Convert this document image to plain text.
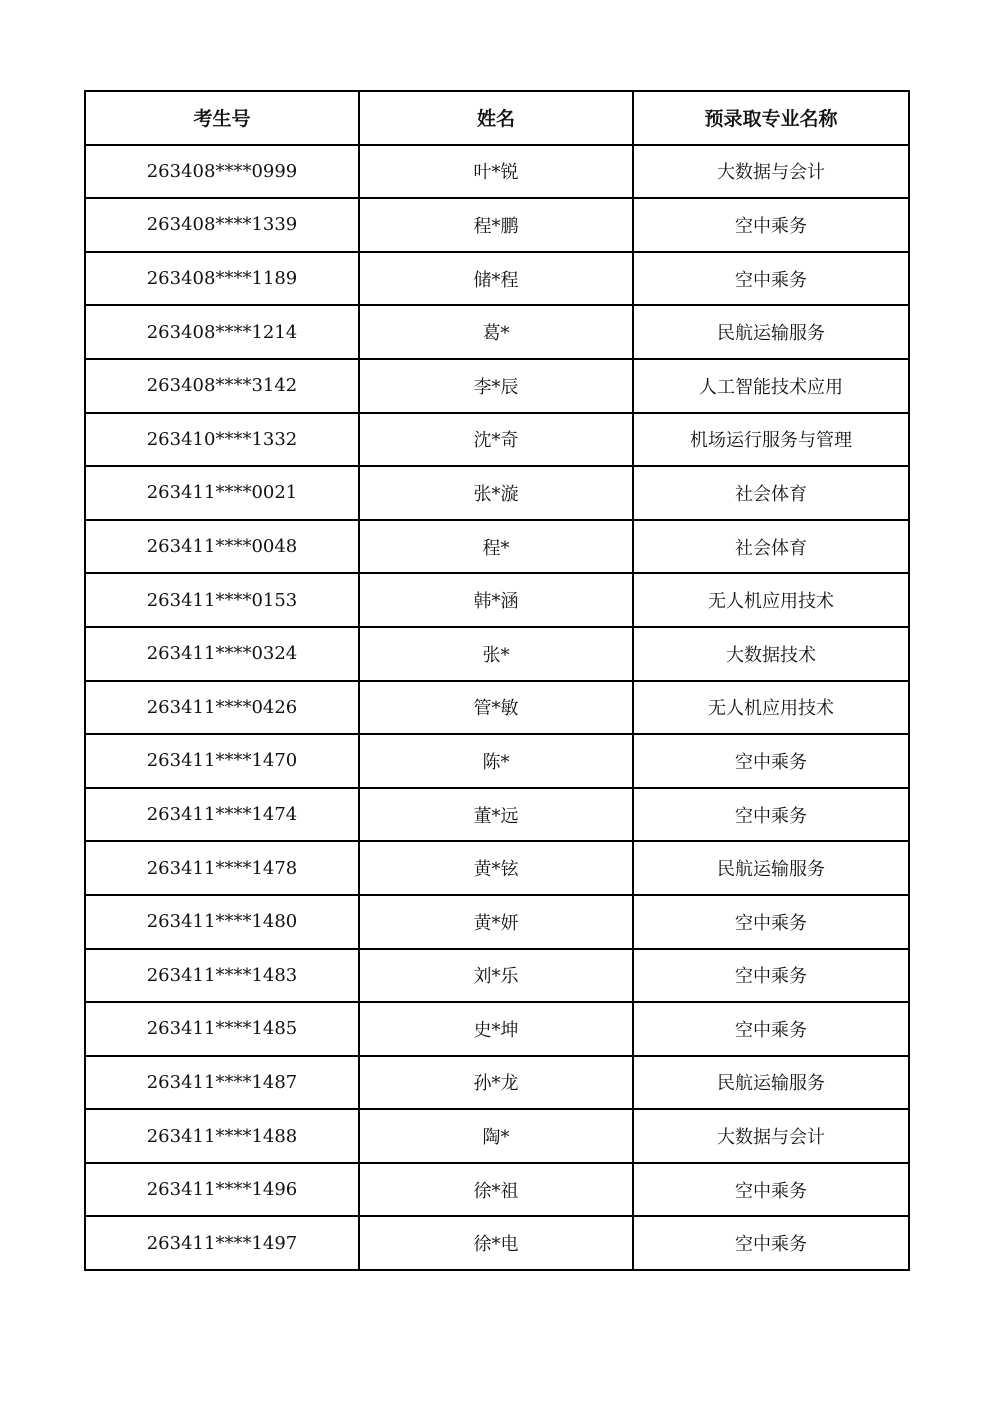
考生号	姓名	预录取专业名称
263408****0999	叶*锐	大数据与会计
263408****1339	程*鹏	空中乘务
263408****1189	储*程	空中乘务
263408****1214	葛*	民航运输服务
263408****3142	李*辰	人工智能技术应用
263410****1332	沈*奇	机场运行服务与管理
263411****0021	张*漩	社会体育
263411****0048	程*	社会体育
263411****0153	韩*涵	无人机应用技术
263411****0324	张*	大数据技术
263411****0426	管*敏	无人机应用技术
263411****1470	陈*	空中乘务
263411****1474	董*远	空中乘务
263411****1478	黄*铉	民航运输服务
263411****1480	黄*妍	空中乘务
263411****1483	刘*乐	空中乘务
263411****1485	史*坤	空中乘务
263411****1487	孙*龙	民航运输服务
263411****1488	陶*	大数据与会计
263411****1496	徐*祖	空中乘务
263411****1497	徐*电	空中乘务
